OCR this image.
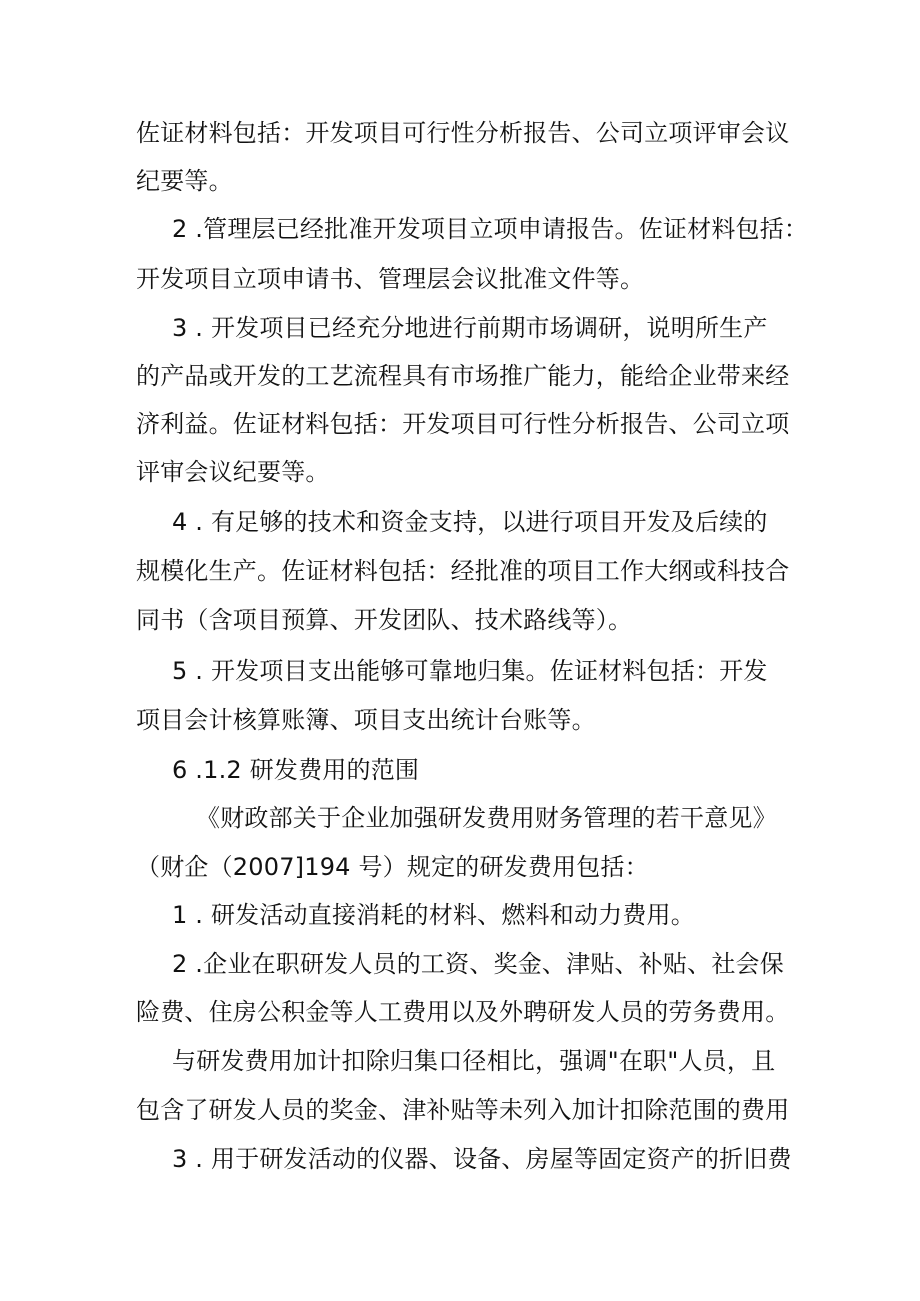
佐证材料包括：开发项目可行性分析报告、公司立项评审会议
纪要等。
2 .管理层已经批准开发项目立项申请报告。佐证材料包括：
开发项目立项申请书、管理层会议批准文件等。
3 . 开发项目已经充分地进行前期市场调研，说明所生产
的产品或开发的工艺流程具有市场推广能力，能给企业带来经
济利益。佐证材料包括：开发项目可行性分析报告、公司立项
评审会议纪要等。
4 . 有足够的技术和资金支持，以进行项目开发及后续的
规模化生产。佐证材料包括：经批准的项目工作大纲或科技合
同书（含项目预算、开发团队、技术路线等）。
5 . 开发项目支出能够可靠地归集。佐证材料包括：开发
项目会计核算账簿、项目支出统计台账等。
6 .1.2 研发费用的范围
《财政部关于企业加强研发费用财务管理的若干意见》
（财企（2007]194 号）规定的研发费用包括：
1 . 研发活动直接消耗的材料、燃料和动力费用。
2 .企业在职研发人员的工资、奖金、津贴、补贴、社会保
险费、住房公积金等人工费用以及外聘研发人员的劳务费用。
与研发费用加计扣除归集口径相比，强调"在职"人员，且
包含了研发人员的奖金、津补贴等未列入加计扣除范围的费用
3 . 用于研发活动的仪器、设备、房屋等固定资产的折旧费
